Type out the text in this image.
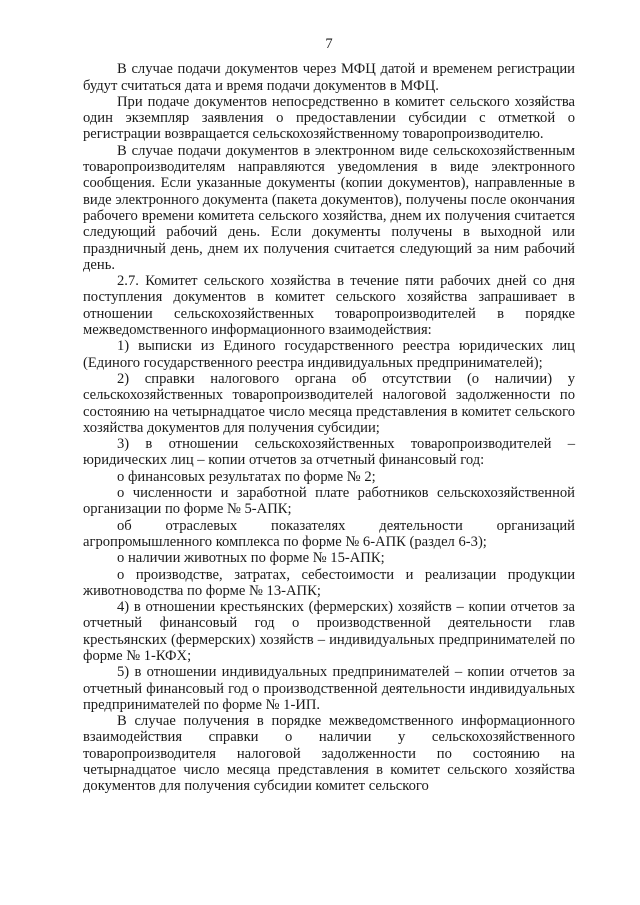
7

В случае подачи документов через МФЦ датой и временем регистрации будут считаться дата и время подачи документов в МФЦ.

При подаче документов непосредственно в комитет сельского хозяйства один экземпляр заявления о предоставлении субсидии с отметкой о регистрации возвращается сельскохозяйственному товаропроизводителю.

В случае подачи документов в электронном виде сельскохозяйственным товаропроизводителям направляются уведомления в виде электронного сообщения. Если указанные документы (копии документов), направленные в виде электронного документа (пакета документов), получены после окончания рабочего времени комитета сельского хозяйства, днем их получения считается следующий рабочий день. Если документы получены в выходной или праздничный день, днем их получения считается следующий за ним рабочий день.

2.7. Комитет сельского хозяйства в течение пяти рабочих дней со дня поступления документов в комитет сельского хозяйства запрашивает в отношении сельскохозяйственных товаропроизводителей в порядке межведомственного информационного взаимодействия:

1) выписки из Единого государственного реестра юридических лиц (Единого государственного реестра индивидуальных предпринимателей);

2) справки налогового органа об отсутствии (о наличии) у сельскохозяйственных товаропроизводителей налоговой задолженности по состоянию на четырнадцатое число месяца представления в комитет сельского хозяйства документов для получения субсидии;

3) в отношении сельскохозяйственных товаропроизводителей – юридических лиц – копии отчетов за отчетный финансовый год:

о финансовых результатах по форме № 2;

о численности и заработной плате работников сельскохозяйственной организации по форме № 5-АПК;

об отраслевых показателях деятельности организаций агропромышленного комплекса по форме № 6-АПК (раздел 6-3);

о наличии животных по форме № 15-АПК;

о производстве, затратах, себестоимости и реализации продукции животноводства по форме № 13-АПК;

4) в отношении крестьянских (фермерских) хозяйств – копии отчетов за отчетный финансовый год о производственной деятельности глав крестьянских (фермерских) хозяйств – индивидуальных предпринимателей по форме № 1-КФХ;

5) в отношении индивидуальных предпринимателей – копии отчетов за отчетный финансовый год о производственной деятельности индивидуальных предпринимателей по форме № 1-ИП.

В случае получения в порядке межведомственного информационного взаимодействия справки о наличии у сельскохозяйственного товаропроизводителя налоговой задолженности по состоянию на четырнадцатое число месяца представления в комитет сельского хозяйства документов для получения субсидии комитет сельского
